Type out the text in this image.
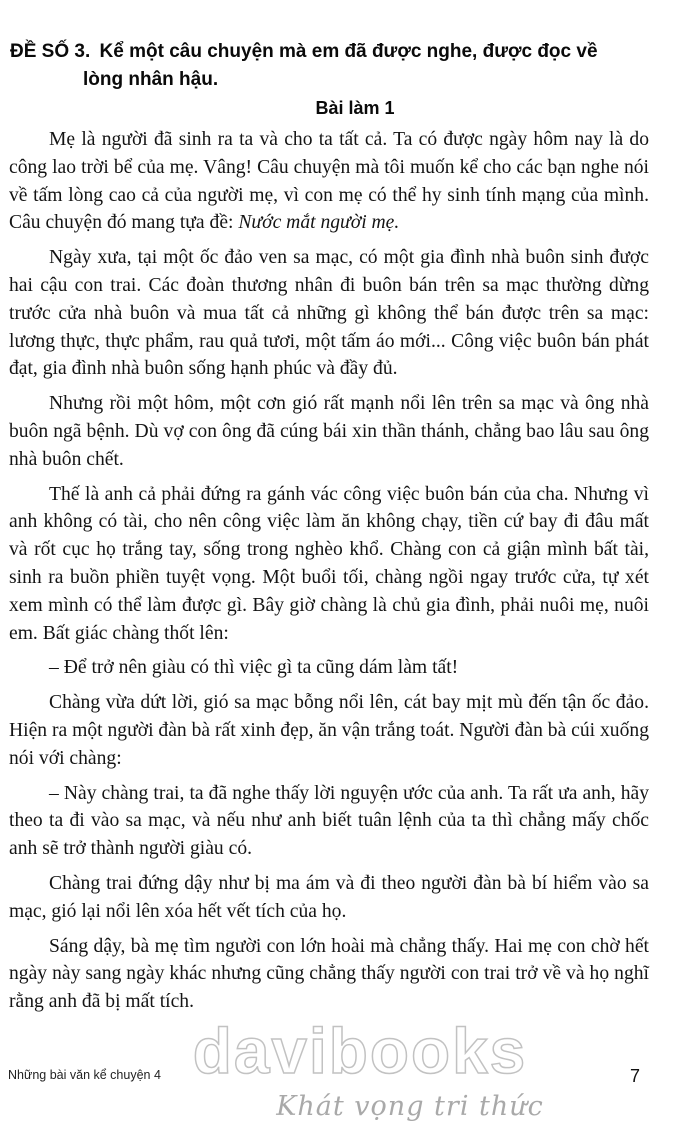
ĐỀ SỐ 3. Kể một câu chuyện mà em đã được nghe, được đọc về
lòng nhân hậu.
Bài làm 1

Mẹ là người đã sinh ra ta và cho ta tất cả. Ta có được ngày hôm nay là do công lao trời bể của mẹ. Vâng! Câu chuyện mà tôi muốn kể cho các bạn nghe nói về tấm lòng cao cả của người mẹ, vì con mẹ có thể hy sinh tính mạng của mình. Câu chuyện đó mang tựa đề: Nước mắt người mẹ.

Ngày xưa, tại một ốc đảo ven sa mạc, có một gia đình nhà buôn sinh được hai cậu con trai. Các đoàn thương nhân đi buôn bán trên sa mạc thường dừng trước cửa nhà buôn và mua tất cả những gì không thể bán được trên sa mạc: lương thực, thực phẩm, rau quả tươi, một tấm áo mới... Công việc buôn bán phát đạt, gia đình nhà buôn sống hạnh phúc và đầy đủ.

Nhưng rồi một hôm, một cơn gió rất mạnh nổi lên trên sa mạc và ông nhà buôn ngã bệnh. Dù vợ con ông đã cúng bái xin thần thánh, chẳng bao lâu sau ông nhà buôn chết.

Thế là anh cả phải đứng ra gánh vác công việc buôn bán của cha. Nhưng vì anh không có tài, cho nên công việc làm ăn không chạy, tiền cứ bay đi đâu mất và rốt cục họ trắng tay, sống trong nghèo khổ. Chàng con cả giận mình bất tài, sinh ra buồn phiền tuyệt vọng. Một buổi tối, chàng ngồi ngay trước cửa, tự xét xem mình có thể làm được gì. Bây giờ chàng là chủ gia đình, phải nuôi mẹ, nuôi em. Bất giác chàng thốt lên:

– Để trở nên giàu có thì việc gì ta cũng dám làm tất!

Chàng vừa dứt lời, gió sa mạc bỗng nổi lên, cát bay mịt mù đến tận ốc đảo. Hiện ra một người đàn bà rất xinh đẹp, ăn vận trắng toát. Người đàn bà cúi xuống nói với chàng:

– Này chàng trai, ta đã nghe thấy lời nguyện ước của anh. Ta rất ưa anh, hãy theo ta đi vào sa mạc, và nếu như anh biết tuân lệnh của ta thì chẳng mấy chốc anh sẽ trở thành người giàu có.

Chàng trai đứng dậy như bị ma ám và đi theo người đàn bà bí hiểm vào sa mạc, gió lại nổi lên xóa hết vết tích của họ.

Sáng dậy, bà mẹ tìm người con lớn hoài mà chẳng thấy. Hai mẹ con chờ hết ngày này sang ngày khác nhưng cũng chẳng thấy người con trai trở về và họ nghĩ rằng anh đã bị mất tích.

davibooks
Những bài văn kể chuyện 4	7
Khát vọng tri thức
